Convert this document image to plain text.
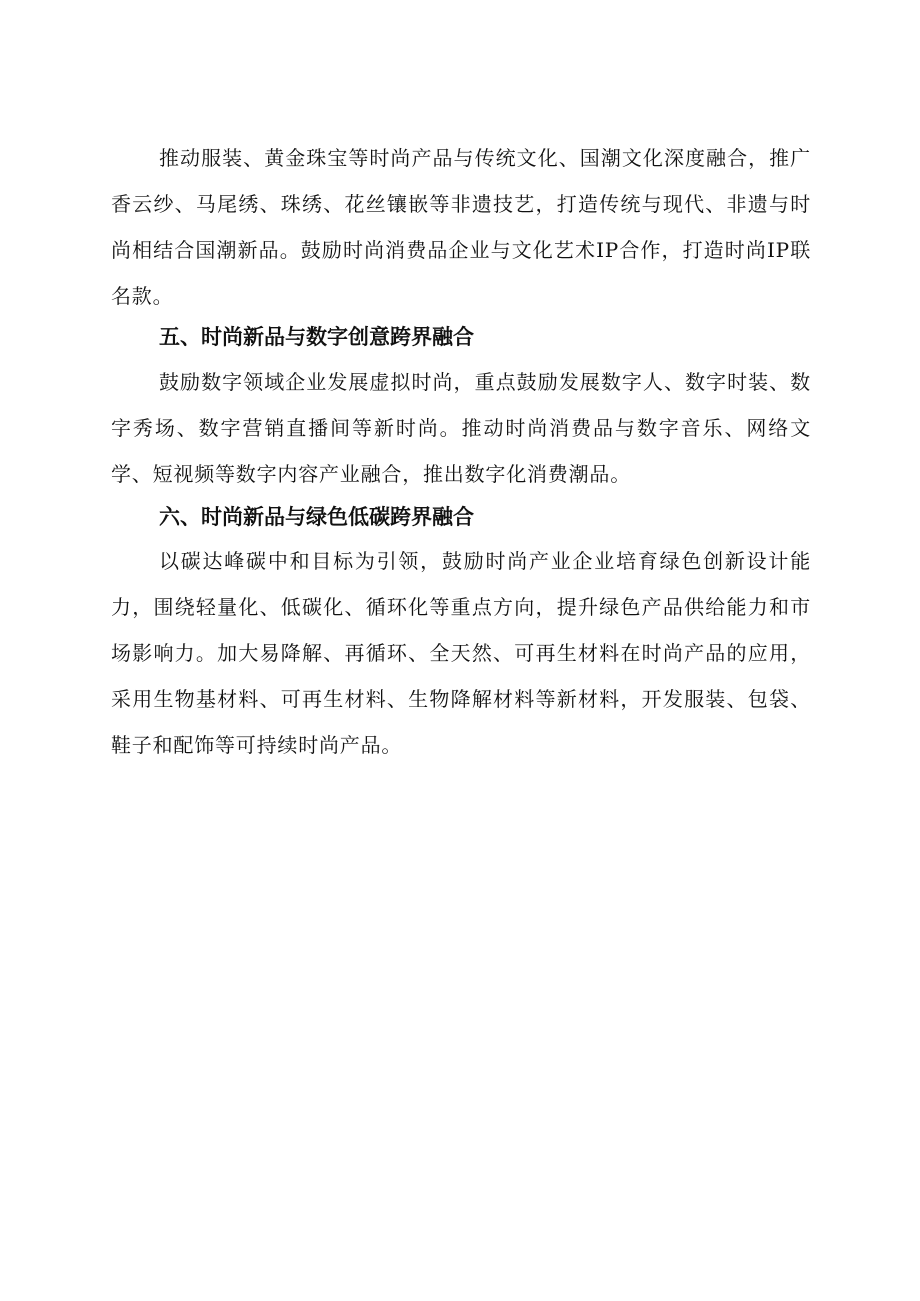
推动服装、黄金珠宝等时尚产品与传统文化、国潮文化深度融合，推广香云纱、马尾绣、珠绣、花丝镶嵌等非遗技艺，打造传统与现代、非遗与时尚相结合国潮新品。鼓励时尚消费品企业与文化艺术IP合作，打造时尚IP联名款。

五、时尚新品与数字创意跨界融合

鼓励数字领域企业发展虚拟时尚，重点鼓励发展数字人、数字时装、数字秀场、数字营销直播间等新时尚。推动时尚消费品与数字音乐、网络文学、短视频等数字内容产业融合，推出数字化消费潮品。

六、时尚新品与绿色低碳跨界融合

以碳达峰碳中和目标为引领，鼓励时尚产业企业培育绿色创新设计能力，围绕轻量化、低碳化、循环化等重点方向，提升绿色产品供给能力和市场影响力。加大易降解、再循环、全天然、可再生材料在时尚产品的应用，采用生物基材料、可再生材料、生物降解材料等新材料，开发服装、包袋、鞋子和配饰等可持续时尚产品。
